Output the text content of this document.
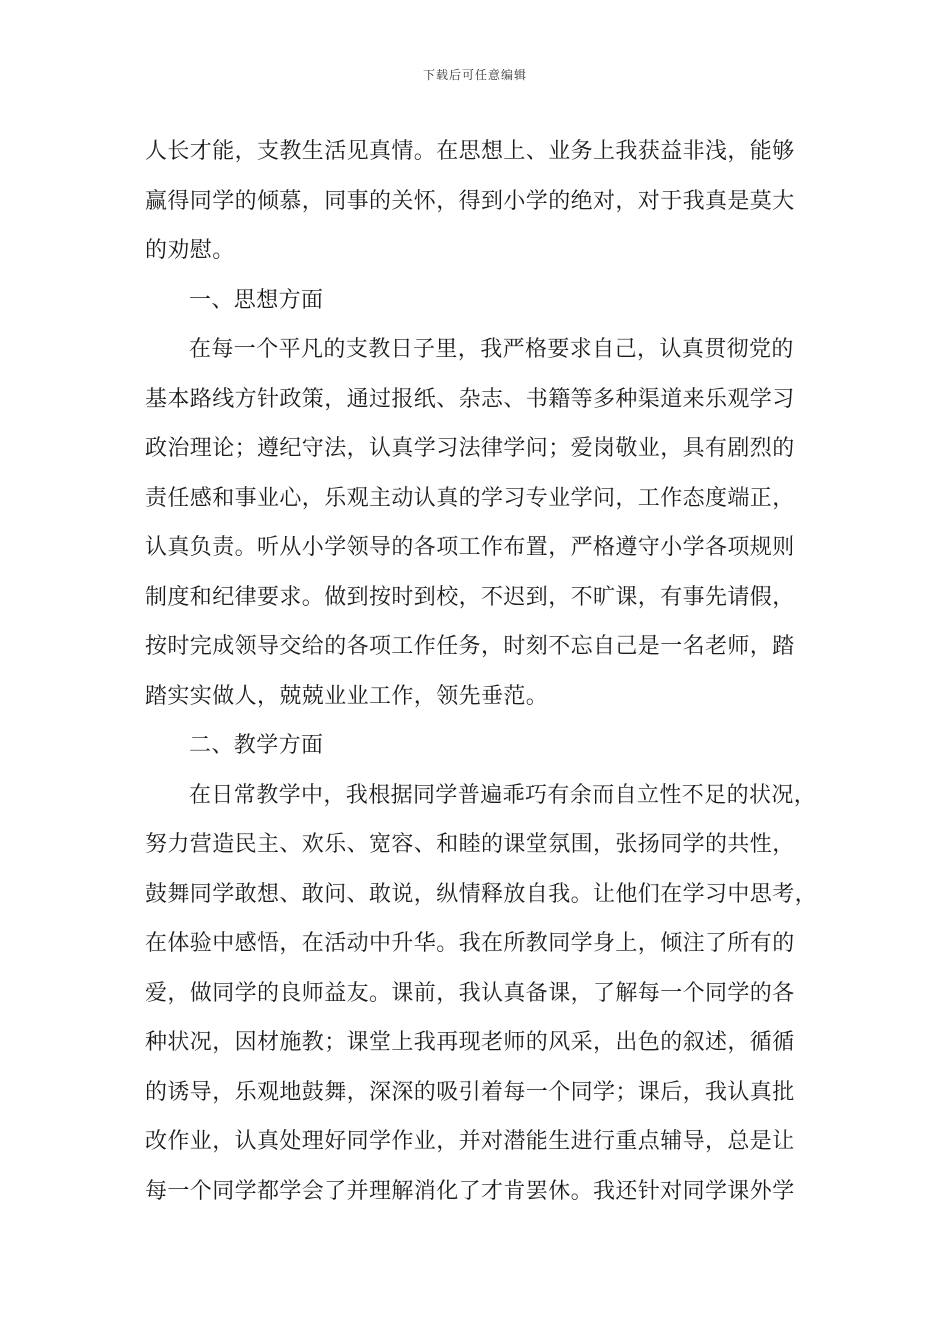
下载后可任意编辑
人长才能，支教生活见真情。在思想上、业务上我获益非浅，能够
赢得同学的倾慕，同事的关怀，得到小学的绝对，对于我真是莫大
的劝慰。
一、思想方面
在每一个平凡的支教日子里，我严格要求自己，认真贯彻党的
基本路线方针政策，通过报纸、杂志、书籍等多种渠道来乐观学习
政治理论；遵纪守法，认真学习法律学问；爱岗敬业，具有剧烈的
责任感和事业心，乐观主动认真的学习专业学问，工作态度端正，
认真负责。听从小学领导的各项工作布置，严格遵守小学各项规则
制度和纪律要求。做到按时到校，不迟到，不旷课，有事先请假，
按时完成领导交给的各项工作任务，时刻不忘自己是一名老师，踏
踏实实做人，兢兢业业工作，领先垂范。
二、教学方面
在日常教学中，我根据同学普遍乖巧有余而自立性不足的状况，
努力营造民主、欢乐、宽容、和睦的课堂氛围，张扬同学的共性，
鼓舞同学敢想、敢问、敢说，纵情释放自我。让他们在学习中思考，
在体验中感悟，在活动中升华。我在所教同学身上，倾注了所有的
爱，做同学的良师益友。课前，我认真备课，了解每一个同学的各
种状况，因材施教；课堂上我再现老师的风采，出色的叙述，循循
的诱导，乐观地鼓舞，深深的吸引着每一个同学；课后，我认真批
改作业，认真处理好同学作业，并对潜能生进行重点辅导，总是让
每一个同学都学会了并理解消化了才肯罢休。我还针对同学课外学
